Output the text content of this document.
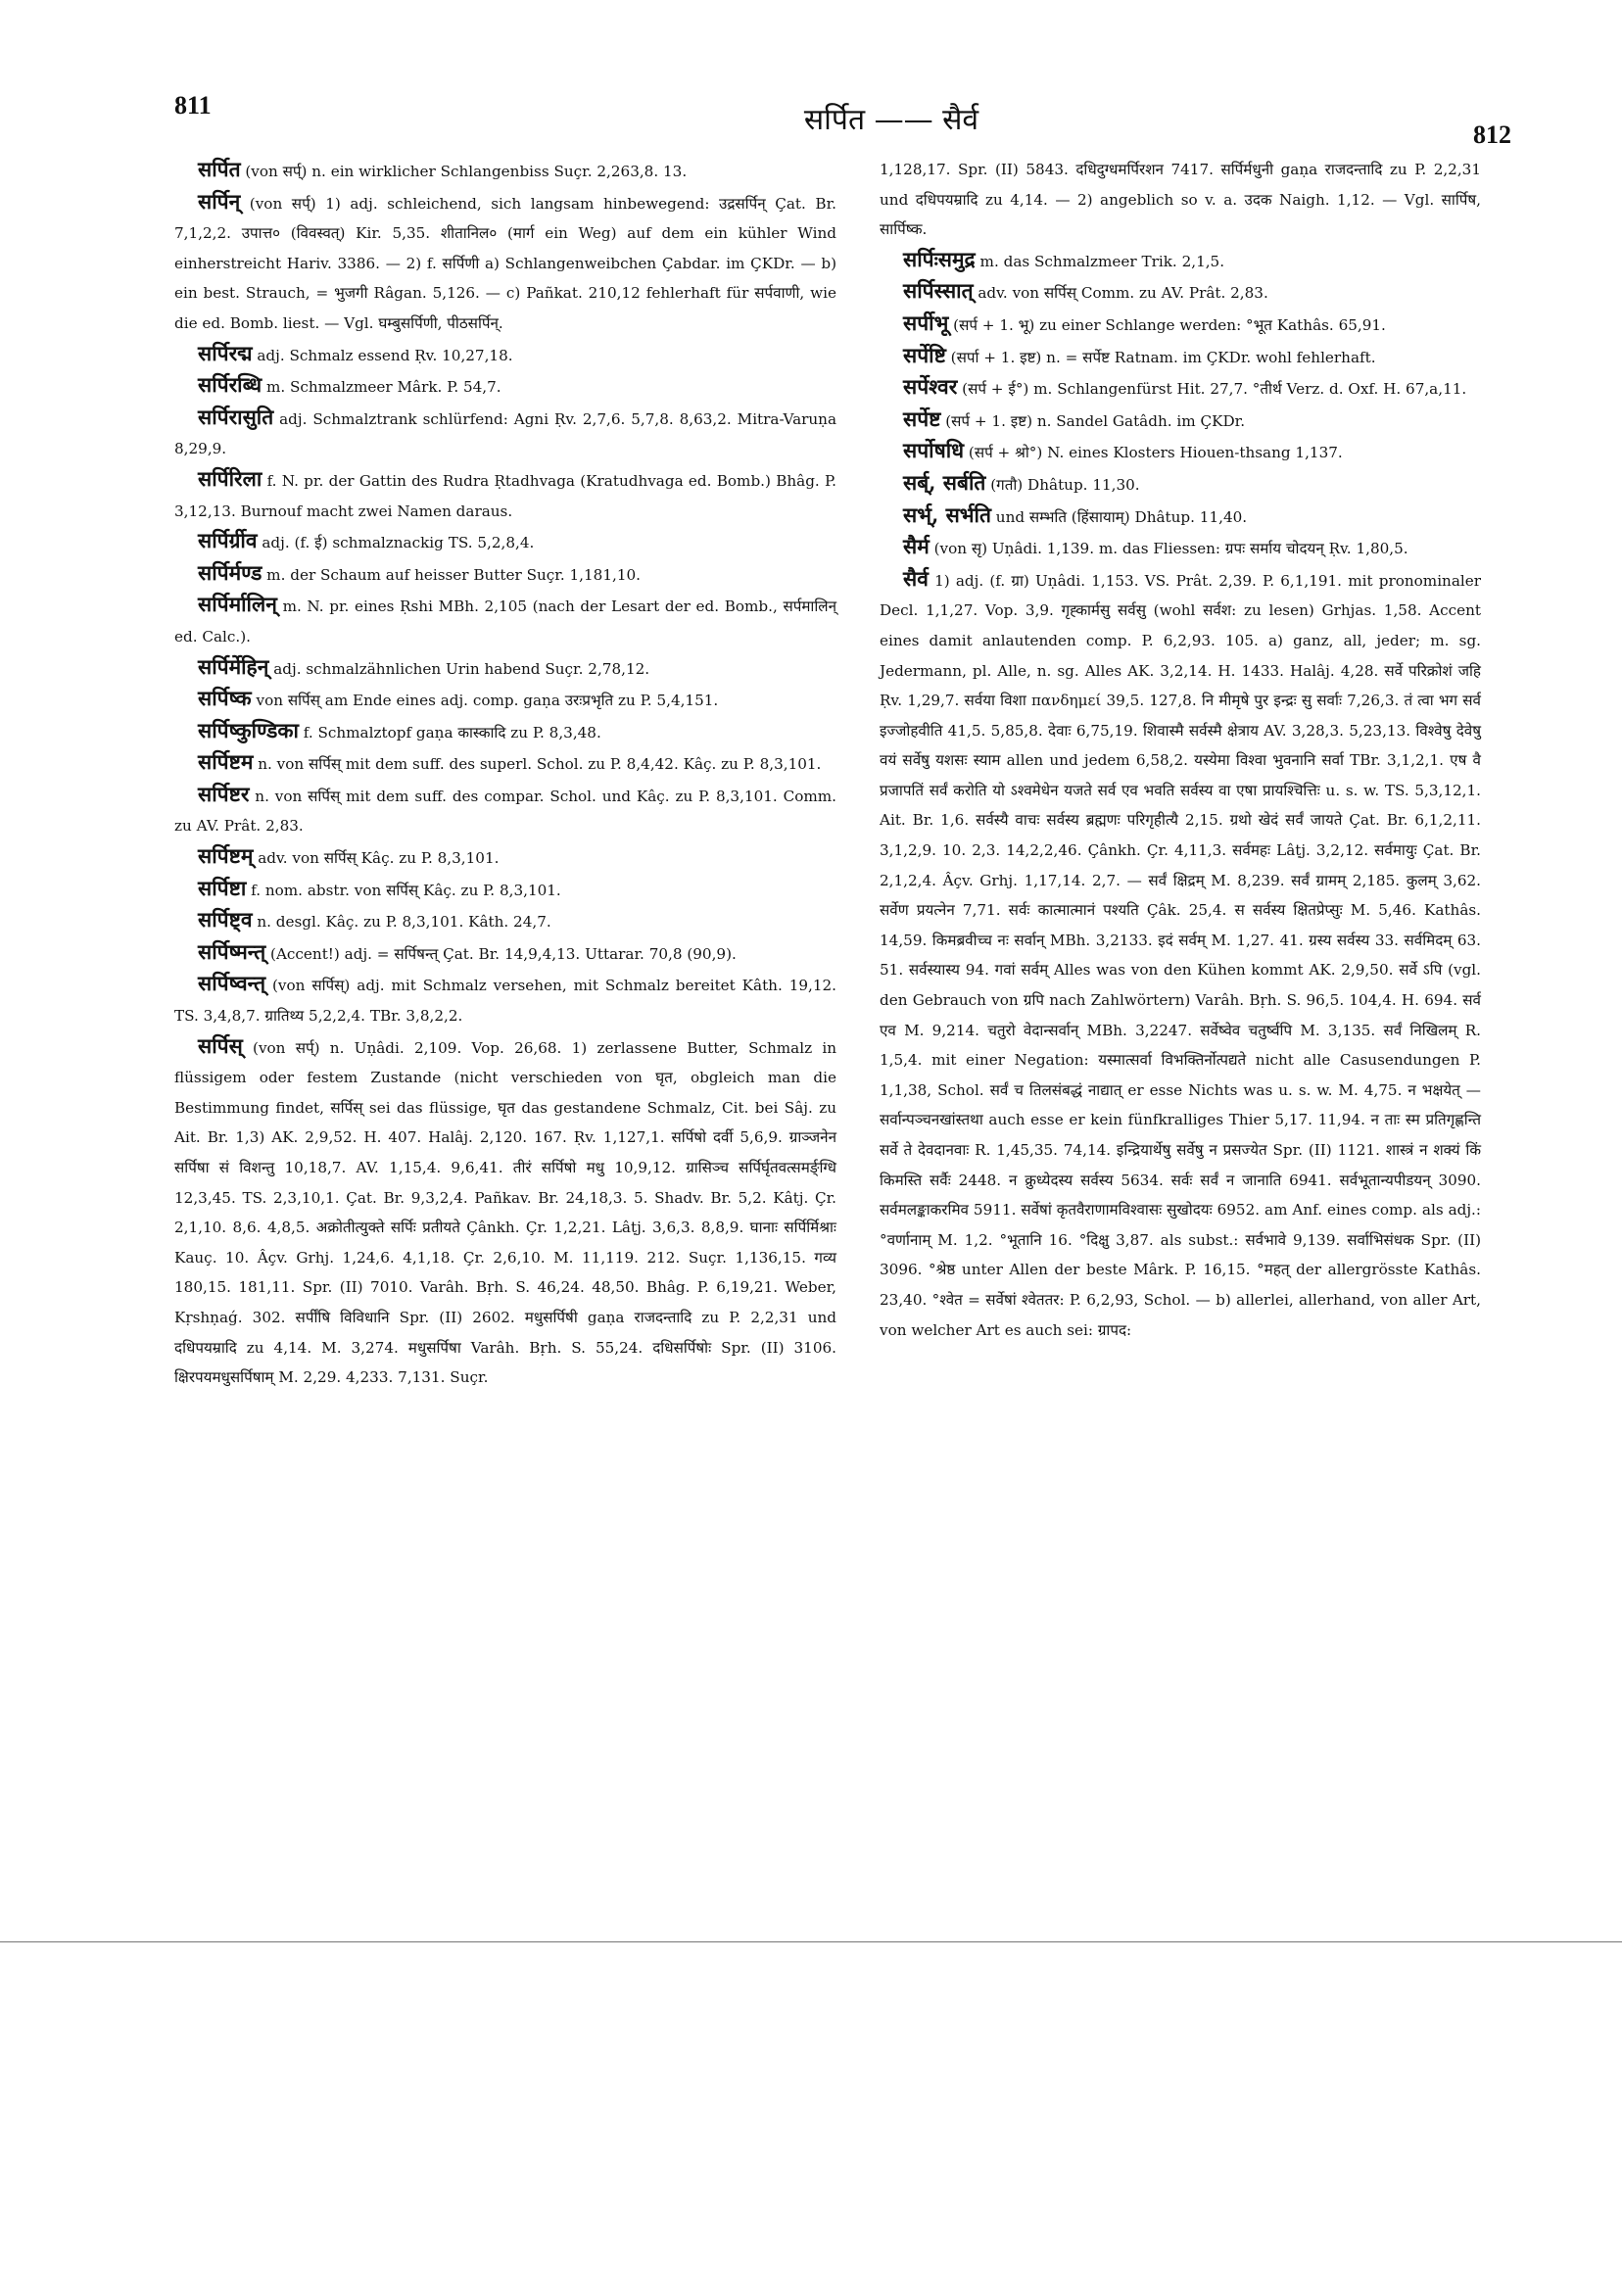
811	सर्पित —— सैर्व	812
सर्पित (von सर्प्) n. ein wirklicher Schlangenbiss Suçr. 2,263,8. 13.
सर्पिन् (von सर्प्) 1) adj. schleichend, sich langsam hinbewegend: उद्रसर्पिन् Çat. Br. 7,1,2,2. उपात्त० (विवस्वत्) Kir. 5,35. शीतानिल० (मार्ग ein Weg) auf dem ein kühler Wind einherstreicht Hariv. 3386. — 2) f. सर्पिणी a) Schlangenweibchen Çabdar. im ÇKDr. — b) ein best. Strauch, = भुजगी Râgan. 5,126. — c) Pañkat. 210,12 fehlerhaft für सर्पवाणी, wie die ed. Bomb. liest. — Vgl. घम्बुसर्पिणी, पीठसर्पिन्.
सर्पिरद्म adj. Schmalz essend Ṛv. 10,27,18.
सर्पिरब्धि m. Schmalzmeer Mârk. P. 54,7.
सर्पिरासुति adj. Schmalztrank schlürfend: Agni Ṛv. 2,7,6. 5,7,8. 8,63,2. Mitra-Varuṇa 8,29,9.
सर्पिरिला f. N. pr. der Gattin des Rudra Ṛtadhvaga (Kratudhvaga ed. Bomb.) Bhâg. P. 3,12,13. Burnouf macht zwei Namen daraus.
सर्पिर्ग्रीव adj. (f. ई) schmalznackig TS. 5,2,8,4.
सर्पिर्मण्ड m. der Schaum auf heisser Butter Suçr. 1,181,10.
सर्पिर्मालिन् m. N. pr. eines Ṛshi MBh. 2,105 (nach der Lesart der ed. Bomb., सर्पमालिन् ed. Calc.).
सर्पिर्मेहिन् adj. schmalzähnlichen Urin habend Suçr. 2,78,12.
सर्पिष्क von सर्पिस् am Ende eines adj. comp. gaṇa उरःप्रभृति zu P. 5,4,151.
सर्पिष्कुण्डिका f. Schmalztopf gaṇa कास्कादि zu P. 8,3,48.
सर्पिष्टम n. von सर्पिस् mit dem suff. des superl. Schol. zu P. 8,4,42. Kâç. zu P. 8,3,101.
सर्पिष्टर n. von सर्पिस् mit dem suff. des compar. Schol. und Kâç. zu P. 8,3,101. Comm. zu AV. Prât. 2,83.
सर्पिष्टम् adv. von सर्पिस् Kâç. zu P. 8,3,101.
सर्पिष्टा f. nom. abstr. von सर्पिस् Kâç. zu P. 8,3,101.
सर्पिष्ट्व n. desgl. Kâç. zu P. 8,3,101. Kâth. 24,7.
सर्पिष्मन्त् (Accent!) adj. = सर्पिषन्त् Çat. Br. 14,9,4,13. Uttarar. 70,8 (90,9).
सर्पिष्वन्त् (von सर्पिस्) adj. mit Schmalz versehen, mit Schmalz bereitet Kâth. 19,12. TS. 3,4,8,7. ग्रातिथ्य 5,2,2,4. TBr. 3,8,2,2.
सर्पिस् (von सर्प्) n. Uṇâdi. 2,109. Vop. 26,68. 1) zerlassene Butter, Schmalz in flüssigem oder festem Zustande (nicht verschieden von घृत, obgleich man die Bestimmung findet, सर्पिस् sei das flüssige, घृत das gestandene Schmalz, Cit. bei Sâj. zu Ait. Br. 1,3) AK. 2,9,52. H. 407. Halâj. 2,120. 167. Ṛv. 1,127,1. सर्पिषो दर्वी 5,6,9. ग्राञ्जनेन सर्पिषा सं विशन्तु 10,18,7. AV. 1,15,4. 9,6,41. तीरं सर्पिषो मधु 10,9,12. ग्रासिञ्च सर्पिर्घृतवत्समर्ङ्ग्धि 12,3,45. TS. 2,3,10,1. Çat. Br. 9,3,2,4. Pañkav. Br. 24,18,3. 5. Shadv. Br. 5,2. Kâtj. Çr. 2,1,10. 8,6. 4,8,5. अक्रोतीत्युक्ते सर्पिः प्रतीयते Çânkh. Çr. 1,2,21. Lâṭj. 3,6,3. 8,8,9. घानाः सर्पिर्मिश्राः Kauç. 10. Âçv. Grhj. 1,24,6. 4,1,18. Çr. 2,6,10. M. 11,119. 212. Suçr. 1,136,15. गव्य 180,15. 181,11. Spr. (II) 7010. Varâh. Bṛh. S. 46,24. 48,50. Bhâg. P. 6,19,21. Weber, Kṛshṇaǵ. 302. सर्पींषि विविधानि Spr. (II) 2602. मधुसर्पिषी gaṇa राजदन्तादि zu P. 2,2,31 und दधिपयम्रादि zu 4,14. M. 3,274. मधुसर्पिषा Varâh. Bṛh. S. 55,24. दधिसर्पिषोः Spr. (II) 3106. क्षिरपयमधुसर्पिषाम् M. 2,29. 4,233. 7,131. Suçr.
1,128,17. Spr. (II) 5843. दधिदुग्धमर्पिरशन 7417. सर्पिर्मधुनी gaṇa राजदन्तादि zu P. 2,2,31 und दधिपयम्रादि zu 4,14. — 2) angeblich so v. a. उदक Naigh. 1,12. — Vgl. सार्पिष, सार्पिष्क.
सर्पिःसमुद्र m. das Schmalzmeer Trik. 2,1,5.
सर्पिस्सात् adv. von सर्पिस् Comm. zu AV. Prât. 2,83.
सर्पीभू (सर्प + 1. भू) zu einer Schlange werden: °भूत Kathâs. 65,91.
सर्पेष्टि (सर्पा + 1. इष्ट) n. = सर्पेष्ट Ratnam. im ÇKDr. wohl fehlerhaft.
सर्पेश्वर (सर्प + ई°) m. Schlangenfürst Hit. 27,7. °तीर्थ Verz. d. Oxf. H. 67,a,11.
सर्पेष्ट (सर्प + 1. इष्ट) n. Sandel Gatâdh. im ÇKDr.
सर्पोषधि (सर्प + श्रो°) N. eines Klosters Hiouen-thsang 1,137.
सर्ब्, सर्बति (गतौ) Dhâtup. 11,30.
सर्भ्, सर्भति und सम्भति (हिंसायाम्) Dhâtup. 11,40.
सैर्म (von सृ) Uṇâdi. 1,139. m. das Fliessen: ग्रपः सर्माय चोदयन् Ṛv. 1,80,5.
सैर्व 1) adj. (f. ग्रा) Uṇâdi. 1,153. VS. Prât. 2,39. P. 6,1,191. mit pronominaler Decl. 1,1,27. Vop. 3,9. गृह्कार्मसु सर्वसु (wohl सर्वश: zu lesen) Grhjas. 1,58. Accent eines damit anlautenden comp. P. 6,2,93. 105. a) ganz, all, jeder; m. sg. Jedermann, pl. Alle, n. sg. Alles AK. 3,2,14. H. 1433. Halâj. 4,28. सर्वे परिक्रोशं जहि Ṛv. 1,29,7. सर्वया विशा πανδημεί 39,5. 127,8. नि मीमृषे पुर इन्द्रः सु सर्वाः 7,26,3. तं त्वा भग सर्व इज्जोहवीति 41,5. 5,85,8. देवाः 6,75,19. शिवास्मै सर्वस्मै क्षेत्राय AV. 3,28,3. 5,23,13. विश्वेषु देवेषु वयं सर्वेषु यशसः स्याम allen und jedem 6,58,2. यस्येमा विश्वा भुवनानि सर्वा TBr. 3,1,2,1. एष वै प्रजापतिं सर्वं करोति यो ऽश्वमेधेन यजते सर्व एव भवति सर्वस्य वा एषा प्रायश्चित्तिः u. s. w. TS. 5,3,12,1. Ait. Br. 1,6. सर्वस्यै वाचः सर्वस्य ब्रह्मणः परिगृहीत्यै 2,15. ग्रथो खेदं सर्वं जायते Çat. Br. 6,1,2,11. 3,1,2,9. 10. 2,3. 14,2,2,46. Çânkh. Çr. 4,11,3. सर्वमहः Lâṭj. 3,2,12. सर्वमायुः Çat. Br. 2,1,2,4. Âçv. Grhj. 1,17,14. 2,7. — सर्वं क्षिद्रम् M. 8,239. सर्वं ग्रामम् 2,185. कुलम् 3,62. सर्वेण प्रयत्नेन 7,71. सर्वः कात्मात्मानं पश्यति Çâk. 25,4. स सर्वस्य क्षितप्रेप्सुः M. 5,46. Kathâs. 14,59. किमब्रवीच्च नः सर्वान् MBh. 3,2133. इदं सर्वम् M. 1,27. 41. ग्रस्य सर्वस्य 33. सर्वमिदम् 63. 51. सर्वस्यास्य 94. गवां सर्वम् Alles was von den Kühen kommt AK. 2,9,50. सर्वे ऽपि (vgl. den Gebrauch von ग्रपि nach Zahlwörtern) Varâh. Bṛh. S. 96,5. 104,4. H. 694. सर्व एव M. 9,214. चतुरो वेदान्सर्वान् MBh. 3,2247. सर्वेष्वेव चतुर्ष्वपि M. 3,135. सर्वं निखिलम् R. 1,5,4. mit einer Negation: यस्मात्सर्वा विभक्तिर्नोत्पद्यते nicht alle Casusendungen P. 1,1,38, Schol. सर्वं च तिलसंबद्धं नाद्यात् er esse Nichts was u. s. w. M. 4,75. न भक्षयेत् — सर्वान्पञ्चनखांस्तथा auch esse er kein fünfkralliges Thier 5,17. 11,94. न ताः स्म प्रतिगृह्णन्ति सर्वे ते देवदानवाः R. 1,45,35. 74,14. इन्द्रियार्थेषु सर्वेषु न प्रसज्येत Spr. (II) 1121. शास्त्रं न शक्यं किं किमस्ति सर्वैः 2448. न क्रुध्येदस्य सर्वस्य 5634. सर्वः सर्वं न जानाति 6941. सर्वभूतान्यपीडयन् 3090. सर्वमलङ्काकरमिव 5911. सर्वेषां कृतवैराणामविश्वासः सुखोदयः 6952. am Anf. eines comp. als adj.: °वर्णानाम् M. 1,2. °भूतानि 16. °दिक्षु 3,87. als subst.: सर्वभावे 9,139. सर्वाभिसंधक Spr. (II) 3096. °श्रेष्ठ unter Allen der beste Mârk. P. 16,15. °महत् der allergrösste Kathâs. 23,40. °श्वेत = सर्वेषां श्वेततर: P. 6,2,93, Schol. — b) allerlei, allerhand, von aller Art, von welcher Art es auch sei: ग्रापद:
